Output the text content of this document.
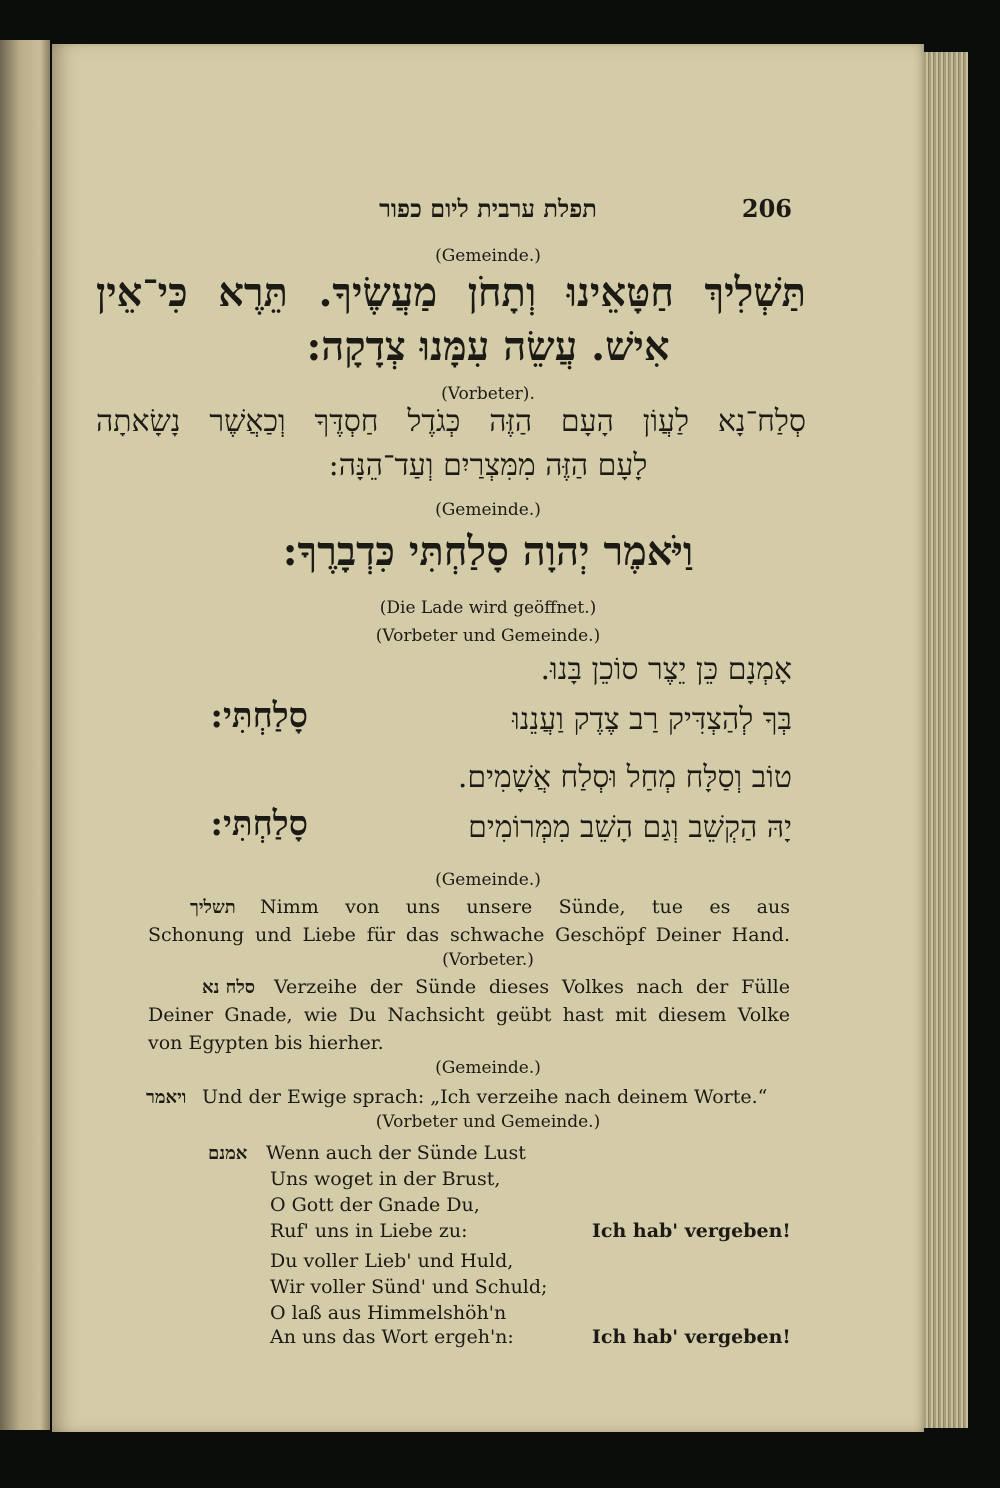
תפלת ערבית ליום כפור	206
(Gemeinde.)
תַּשְׁלִיךְ חַטָּאֵינוּ וְתָחֹן מַעֲשֶׂיךָ. תֵּרֶא כִּי־אֵין
אִישׁ. עֲשֵׂה עִמָּנוּ צְדָקָה:
(Vorbeter).
סְלַח־נָא לַעֲוֹן הָעָם הַזֶּה כְּגֹדֶל חַסְדֶּךָ וְכַאֲשֶׁר נָשָׂאתָה
לָעָם הַזֶּה מִמִּצְרַיִם וְעַד־הֵנָּה:
(Gemeinde.)
וַיֹּאמֶר יְהוָה סָלַחְתִּי כִּדְבָרֶךָ:
(Die Lade wird geöffnet.)
(Vorbeter und Gemeinde.)
אָמְנָם כֵּן יֵצֶר סוֹכֵן בָּנוּ.
בְּךָ לְהַצְדִּיק רַב צֶדֶק וַעֲנֵנוּ
סָלַחְתִּי:
טוֹב וְסַלָּח מְחַל וּסְלַח אֲשָׁמִים.
יָהּ הַקְשֵׁב וְגַם הָשֵׁב מִמְּרוֹמִים
סָלַחְתִּי:
(Gemeinde.)
תשליך Nimm von uns unsere Sünde, tue es aus
Schonung und Liebe für das schwache Geschöpf Deiner Hand.
(Vorbeter.)
סלח נא Verzeihe der Sünde dieses Volkes nach der Fülle
Deiner Gnade, wie Du Nachsicht geübt hast mit diesem Volke
von Egypten bis hierher.
(Gemeinde.)
ויאמר Und der Ewige sprach: „Ich verzeihe nach deinem Worte.“
(Vorbeter und Gemeinde.)
אמנם Wenn auch der Sünde Lust
Uns woget in der Brust,
O Gott der Gnade Du,
Ruf' uns in Liebe zu:	Ich hab' vergeben!
Du voller Lieb' und Huld,
Wir voller Sünd' und Schuld;
O laß aus Himmelshöh'n
An uns das Wort ergeh'n:	Ich hab' vergeben!
